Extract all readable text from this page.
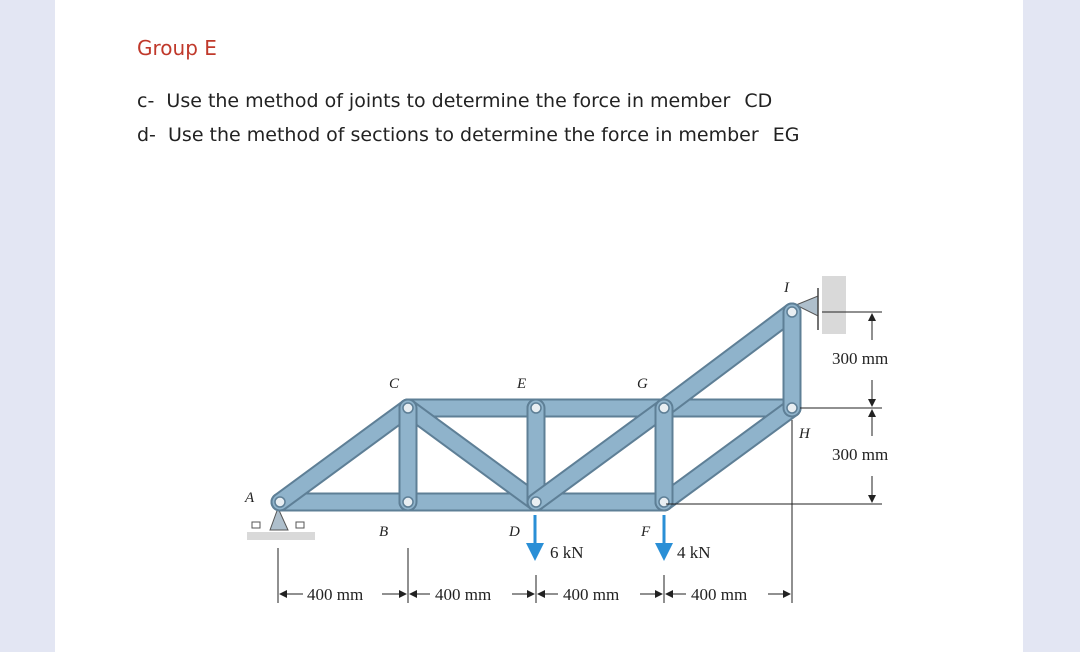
Group E
c- Use the method of joints to determine the force in member CD
d- Use the method of sections to determine the force in member EG
A
B
C
D
E
F
G
H
I
6 kN	4 kN
400 mm	400 mm	400 mm	400 mm
300 mm
300 mm
